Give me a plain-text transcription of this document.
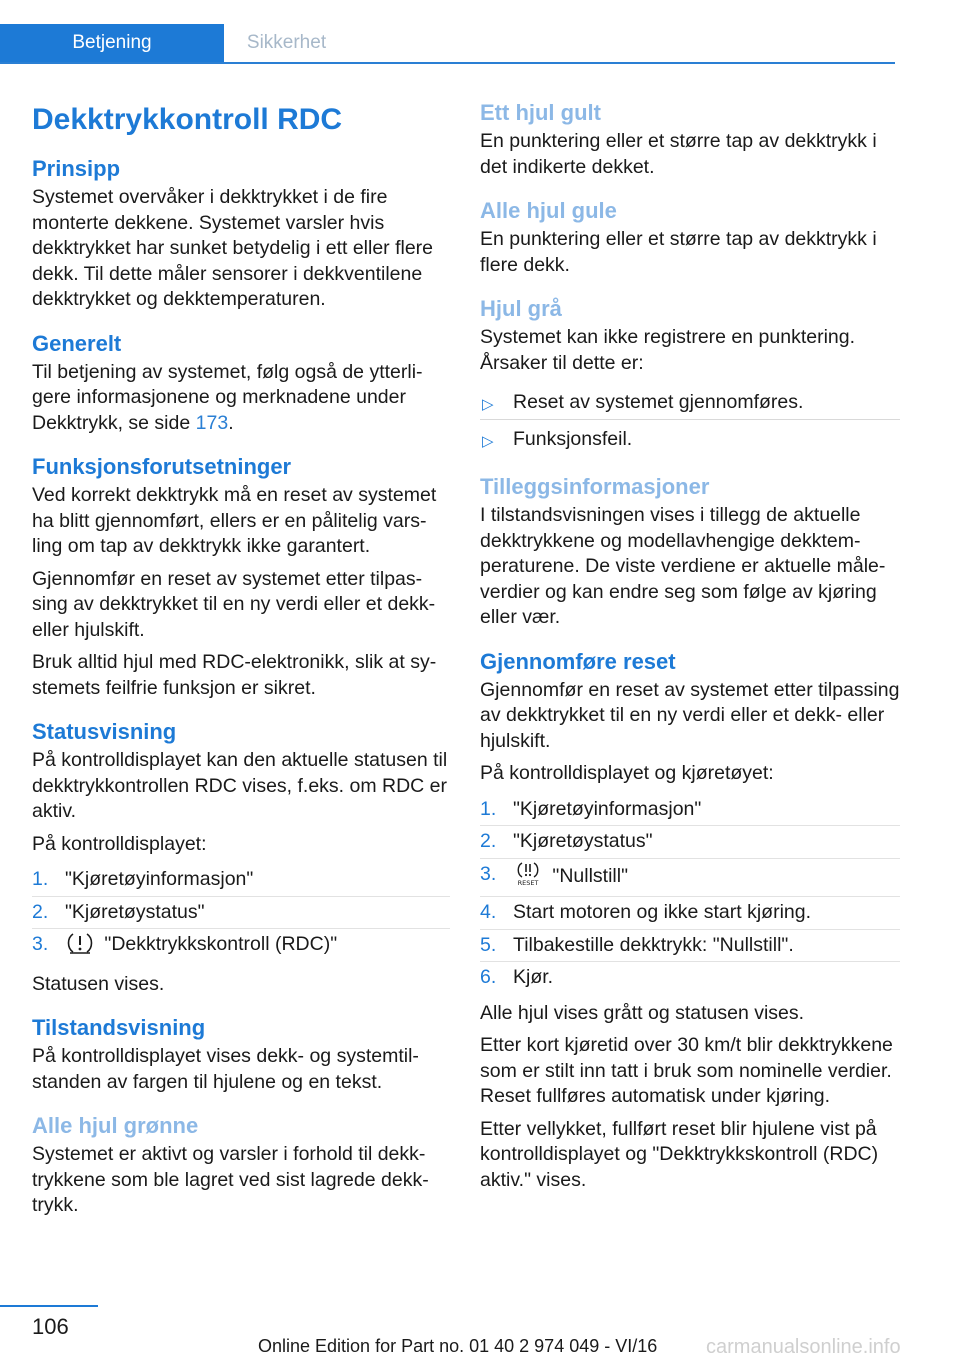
Betjening	Sikkerhet
Dekktrykkontroll RDC
Prinsipp

Systemet overvåker i dekktrykket i de fire monterte dekkene. Systemet varsler hvis dekktrykket har sunket betydelig i ett eller flere dekk. Til dette måler sensorer i dekkventilene dekktrykket og dekktemperaturen.

Generelt

Til betjening av systemet, følg også de ytterligere informasjonene og merknadene under Dekktrykk, se side 173.

Funksjonsforutsetninger

Ved korrekt dekktrykk må en reset av systemet ha blitt gjennomført, ellers er en pålitelig varsling om tap av dekktrykk ikke garantert.

Gjennomfør en reset av systemet etter tilpassing av dekktrykket til en ny verdi eller et dekk- eller hjulskift.

Bruk alltid hjul med RDC-elektronikk, slik at systemets feilfrie funksjon er sikret.

Statusvisning

På kontrolldisplayet kan den aktuelle statusen til dekktrykkontrollen RDC vises, f.eks. om RDC er aktiv.

På kontrolldisplayet:

1. "Kjøretøyinformasjon"
2. "Kjøretøystatus"
3.	"Dekktrykkskontroll (RDC)"

Statusen vises.

Tilstandsvisning

På kontrolldisplayet vises dekk- og systemtilstanden av fargen til hjulene og en tekst.

Alle hjul grønne

Systemet er aktivt og varsler i forhold til dekktrykkene som ble lagret ved sist lagrede dekktrykk.

Ett hjul gult

En punktering eller et større tap av dekktrykk i det indikerte dekket.

Alle hjul gule

En punktering eller et større tap av dekktrykk i flere dekk.

Hjul grå

Systemet kan ikke registrere en punktering. Årsaker til dette er:

▷ Reset av systemet gjennomføres.
▷ Funksjonsfeil.
Tilleggsinformasjoner

I tilstandsvisningen vises i tillegg de aktuelle dekktrykkene og modellavhengige dekktemperaturene. De viste verdiene er aktuelle måleverdier og kan endre seg som følge av kjøring eller vær.

Gjennomføre reset

Gjennomfør en reset av systemet etter tilpassing av dekktrykket til en ny verdi eller et dekk- eller hjulskift.

På kontrolldisplayet og kjøretøyet:

1. "Kjøretøyinformasjon"
2. "Kjøretøystatus"
3.	RESET "Nullstill"
4. Start motoren og ikke start kjøring.
5. Tilbakestille dekktrykk: "Nullstill".
6. Kjør.

Alle hjul vises grått og statusen vises.

Etter kort kjøretid over 30 km/t blir dekktrykkene som er stilt inn tatt i bruk som nominelle verdier. Reset fullføres automatisk under kjøring.

Etter vellykket, fullført reset blir hjulene vist på kontrolldisplayet og "Dekktrykkskontroll (RDC) aktiv." vises.

106
Online Edition for Part no. 01 40 2 974 049 - VI/16 carmanualsonline.info
